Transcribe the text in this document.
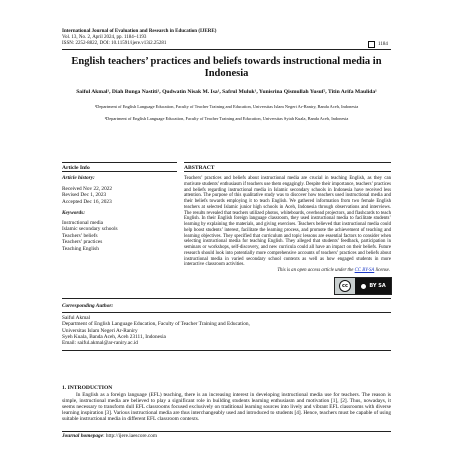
International Journal of Evaluation and Research in Education (IJERE)
Vol. 13, No. 2, April 2024, pp. 1184~1193
ISSN: 2252-8822, DOI: 10.11591/ijere.v13i2.25281	1184
English teachers’ practices and beliefs towards instructional media in Indonesia
Saiful Akmal¹, Diah Bunga Nastiti¹, Qudwatin Nisak M. Isa¹, Safrul Muluk¹, Yunisrina Qismullah Yusuf², Titin Arifa Maulida¹
¹Department of English Language Education, Faculty of Teacher Training and Education, Universitas Islam Negeri Ar-Raniry, Banda Aceh, Indonesia
²Department of English Language Education, Faculty of Teacher Training and Education, Universitas Syiah Kuala, Banda Aceh, Indonesia
Article Info
Article history:
Received Nov 22, 2022
Revised Dec 1, 2023
Accepted Dec 16, 2023
Keywords:
Instructional media
Islamic secondary schools
Teachers’ beliefs
Teachers’ practices
Teaching English
ABSTRACT
Teachers’ practices and beliefs about instructional media are crucial in teaching English, as they can motivate students’ enthusiasm if teachers use them engagingly. Despite their importance, teachers’ practices and beliefs regarding instructional media in Islamic secondary schools in Indonesia have received less attention. The purpose of this qualitative study was to discover how teachers used instructional media and their beliefs towards employing it to teach English. We gathered information from two female English teachers at selected Islamic junior high schools in Aceh, Indonesia through observations and interviews. The results revealed that teachers utilized photos, whiteboards, overhead projectors, and flashcards to teach English. In their English foreign language classroom, they used instructional media to facilitate students’ learning by explaining the materials, and giving exercises. Teachers believed that instructional media could help boost students’ interest, facilitate the learning process, and promote the achievement of teaching and learning objectives. They specified that curriculum and topic lessons are essential factors to consider when selecting instructional media for teaching English. They alleged that students’ feedback, participation in seminars or workshops, self-discovery, and new curricula could all have an impact on their beliefs. Future research should look into potentially more comprehensive accounts of teachers’ practices and beliefs about instructional media in varied secondary school contexts as well as how engaged students in more interactive classroom activities.
This is an open access article under the CC BY-SA license.
cc	BY SA
Corresponding Author:
Saiful Akmal
Department of English Language Education, Faculty of Teacher Training and Education,
Universitas Islam Negeri Ar-Raniry
Syeh Kuala, Banda Aceh, Aceh 23111, Indonesia
Email: saiful.akmal@ar-raniry.ac.id
1. INTRODUCTION
In English as a foreign language (EFL) teaching, there is an increasing interest in developing instructional media use for teachers. The reason is simple, instructional media are believed to play a significant role in building students learning enthusiasm and motivation [1], [2]. Thus, nowadays, it seems necessary to transform dull EFL classrooms focused exclusively on traditional learning sources into lively and vibrant EFL classrooms with diverse learning inspiration [3]. Various instructional media are thus interchangeably used and introduced to students [4]. Hence, teachers must be capable of using suitable instructional media in different EFL classroom contexts.
Journal homepage: http://ijere.iaescore.com
